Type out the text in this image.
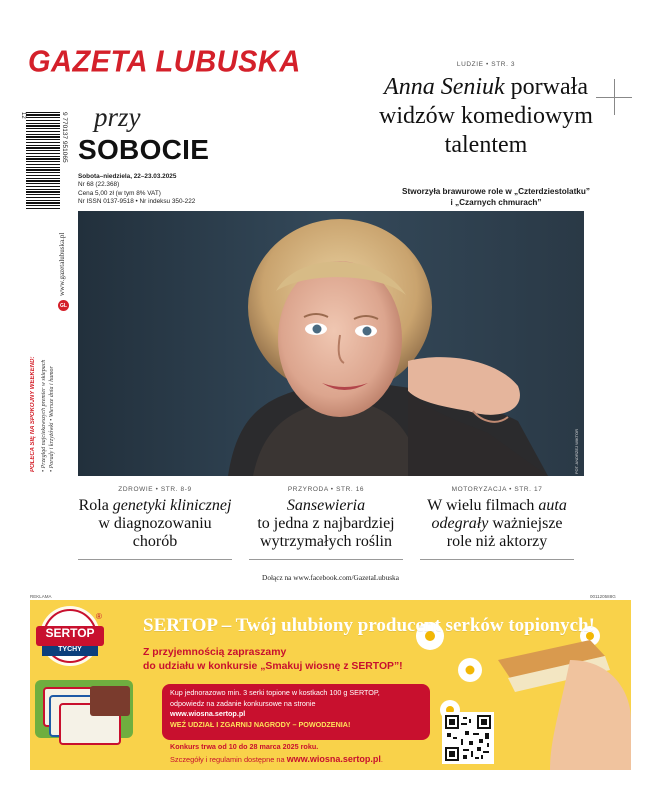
GAZETA LUBUSKA	LUDZIE • STR. 3
Anna Seniuk porwała
widzów komediowym
talentem
Stworzyła brawurowe role w „Czterdziestolatku”
i „Czarnych chmurach”
przy
SOBOCIE
Sobota–niedziela, 22–23.03.2025
Nr 68 (22.368)
Cena 5,00 zł (w tym 8% VAT)
Nr ISSN 0137-9518 • Nr indeksu 350-222
9 770137 951065
12
www.gazetalubuska.pl
GL
POLECA SIĘ NA SPOKOJNY WEEKEND: • Przegląd najciekawszych premier w sklepach • Porady i krzyżówki • Wiersze dnia i humor	FOT. ANDRZEJ WIKTOR
ZDROWIE • STR. 8-9
Rola genetyki klinicznej
w diagnozowaniu
chorób
PRZYRODA • STR. 16
Sansewieria
to jedna z najbardziej
wytrzymałych roślin
MOTORYZACJA • STR. 17
W wielu filmach auta
odegrały ważniejsze
role niż aktorzy
Dołącz na www.facebook.com/GazetaLubuska
REKLAMA	001120588G
SERTOP
TYCHY
® SERTOP – Twój ulubiony producent serków topionych!
Z przyjemnością zapraszamy
do udziału w konkursie „Smakuj wiosnę z SERTOP”!
Kup jednorazowo min. 3 serki topione w kostkach 100 g SERTOP,
odpowiedz na zadanie konkursowe na stronie
www.wiosna.sertop.pl
WEŹ UDZIAŁ I ZGARNIJ NAGRODY – POWODZENIA!
Konkurs trwa od 10 do 28 marca 2025 roku.
Szczegóły i regulamin dostępne na www.wiosna.sertop.pl.
